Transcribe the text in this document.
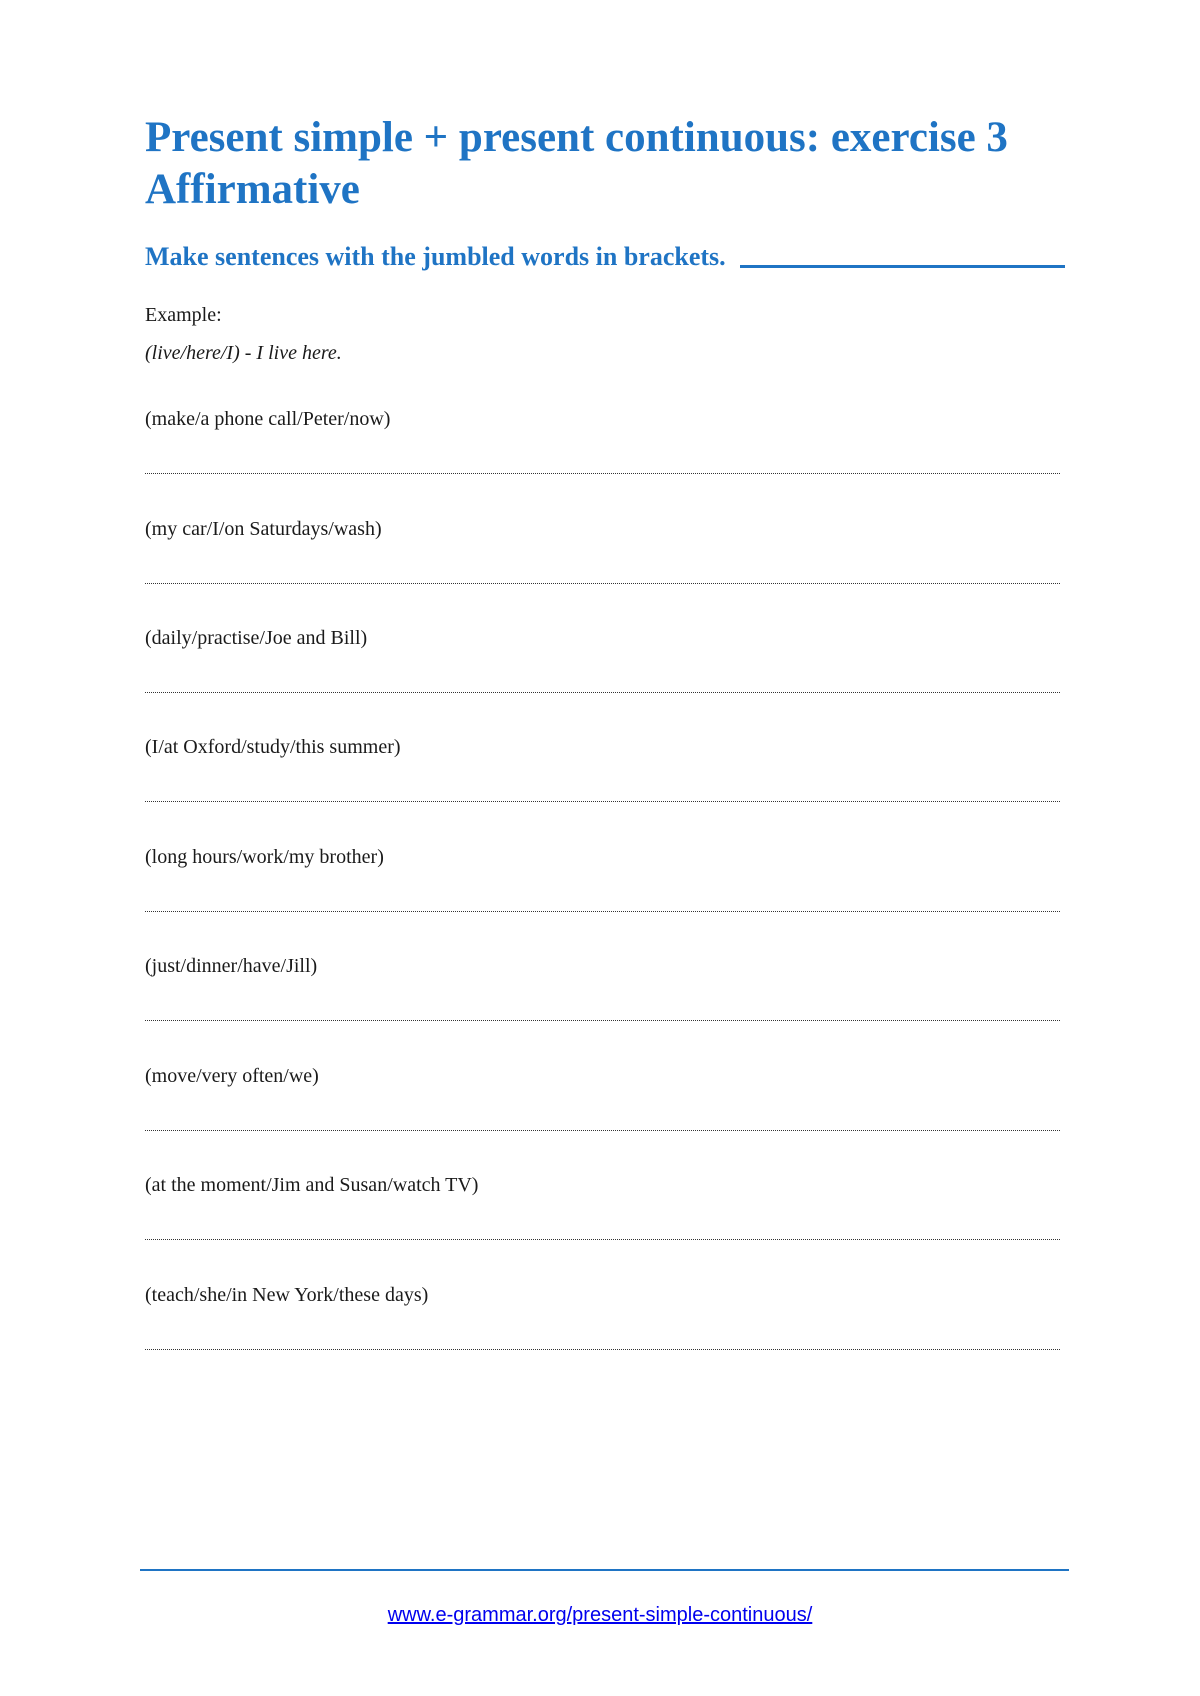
Present simple + present continuous: exercise 3
Affirmative
Make sentences with the jumbled words in brackets.
Example:
(live/here/I) - I live here.

(make/a phone call/Peter/now)

(my car/I/on Saturdays/wash)

(daily/practise/Joe and Bill)

(I/at Oxford/study/this summer)

(long hours/work/my brother)

(just/dinner/have/Jill)

(move/very often/we)

(at the moment/Jim and Susan/watch TV)

(teach/she/in New York/these days)

www.e-grammar.org/present-simple-continuous/
